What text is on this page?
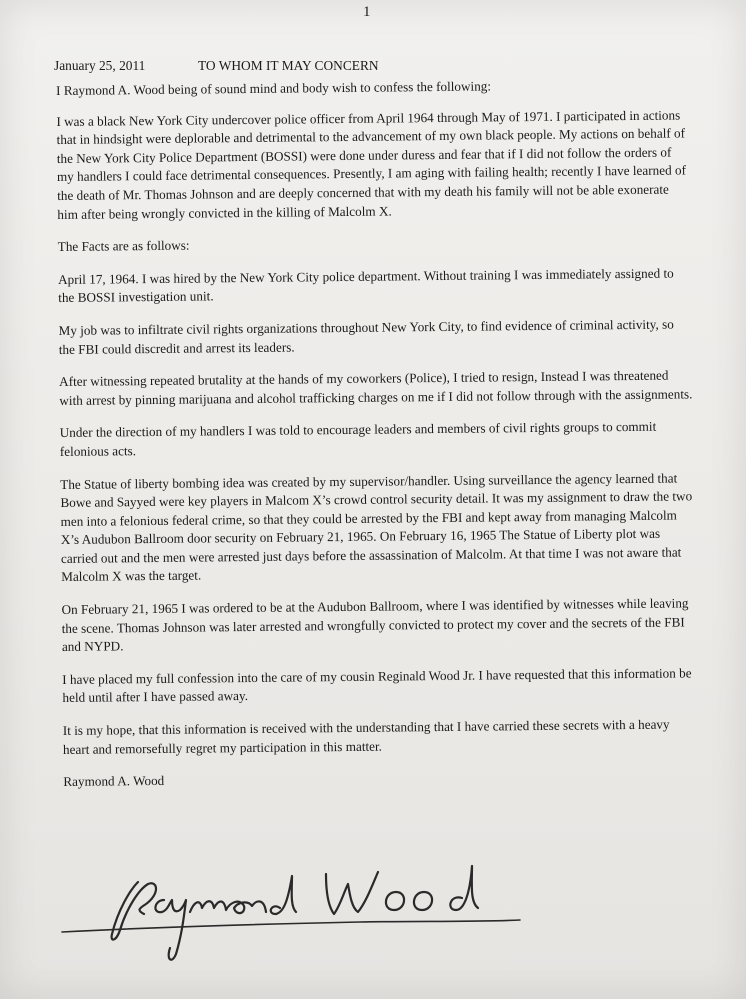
1
January 25, 2011	TO WHOM IT MAY CONCERN

I Raymond A. Wood being of sound mind and body wish to confess the following:

I was a black New York City undercover police officer from April 1964 through May of 1971. I participated in actions that in hindsight were deplorable and detrimental to the advancement of my own black people. My actions on behalf of the New York City Police Department (BOSSI) were done under duress and fear that if I did not follow the orders of my handlers I could face detrimental consequences. Presently, I am aging with failing health; recently I have learned of the death of Mr. Thomas Johnson and are deeply concerned that with my death his family will not be able exonerate him after being wrongly convicted in the killing of Malcolm X.

The Facts are as follows:

April 17, 1964. I was hired by the New York City police department. Without training I was immediately assigned to the BOSSI investigation unit.

My job was to infiltrate civil rights organizations throughout New York City, to find evidence of criminal activity, so the FBI could discredit and arrest its leaders.

After witnessing repeated brutality at the hands of my coworkers (Police), I tried to resign, Instead I was threatened with arrest by pinning marijuana and alcohol trafficking charges on me if I did not follow through with the assignments.

Under the direction of my handlers I was told to encourage leaders and members of civil rights groups to commit felonious acts.

The Statue of liberty bombing idea was created by my supervisor/handler. Using surveillance the agency learned that Bowe and Sayyed were key players in Malcom X’s crowd control security detail. It was my assignment to draw the two men into a felonious federal crime, so that they could be arrested by the FBI and kept away from managing Malcolm X’s Audubon Ballroom door security on February 21, 1965. On February 16, 1965 The Statue of Liberty plot was carried out and the men were arrested just days before the assassination of Malcolm. At that time I was not aware that Malcolm X was the target.

On February 21, 1965 I was ordered to be at the Audubon Ballroom, where I was identified by witnesses while leaving the scene. Thomas Johnson was later arrested and wrongfully convicted to protect my cover and the secrets of the FBI and NYPD.

I have placed my full confession into the care of my cousin Reginald Wood Jr. I have requested that this information be held until after I have passed away.

It is my hope, that this information is received with the understanding that I have carried these secrets with a heavy heart and remorsefully regret my participation in this matter.

Raymond A. Wood
